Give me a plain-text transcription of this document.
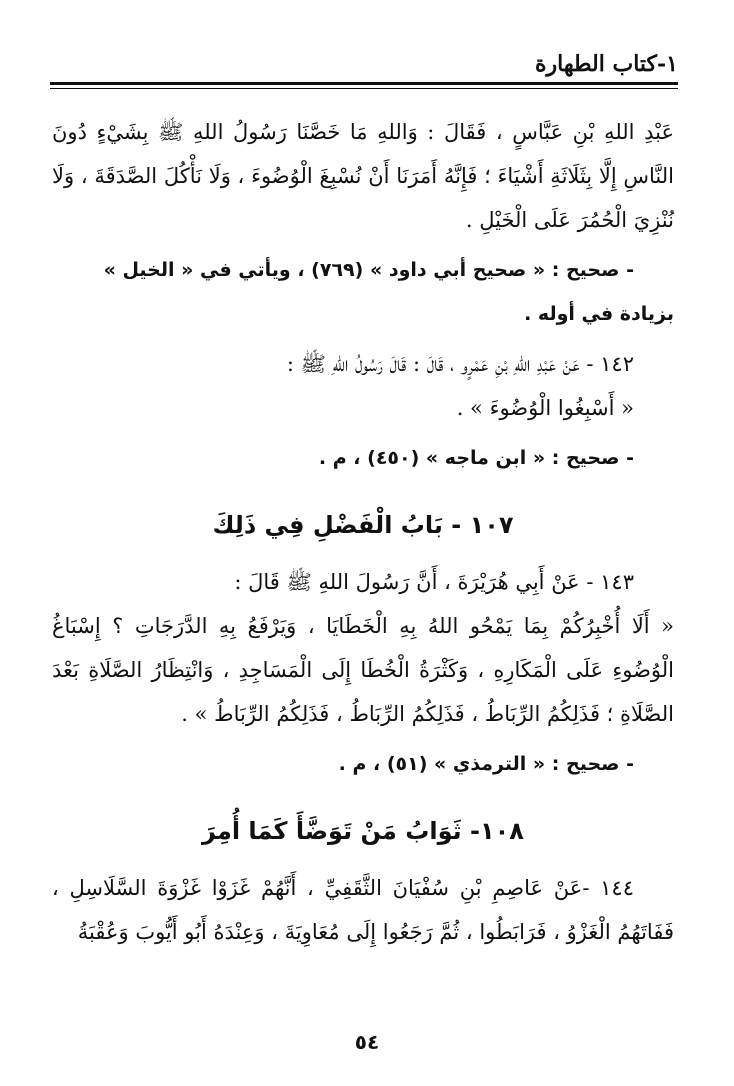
١-كتاب الطهارة

عَبْدِ اللهِ بْنِ عَبَّاسٍ ، فَقَالَ : وَاللهِ مَا خَصَّنَا رَسُولُ اللهِ ﷺ بِشَيْءٍ دُونَ النَّاسِ إِلَّا بِثَلَاثَةِ أَشْيَاءَ ؛ فَإِنَّهُ أَمَرَنَا أَنْ نُسْبِغَ الْوُضُوءَ ، وَلَا نَأْكُلَ الصَّدَقَةَ ، وَلَا نُنْزِيَ الْحُمُرَ عَلَى الْخَيْلِ .

- صحيح : « صحيح أبي داود » (٧٦٩) ، ويأتي في « الخيل » بزيادة في أوله .

١٤٢ - عَنْ عَبْدِ اللهِ بْنِ عَمْرٍو ، قَالَ : قَالَ رَسُولُ اللهِ ﷺ :

« أَسْبِغُوا الْوُضُوءَ » .

- صحيح : « ابن ماجه » (٤٥٠) ، م .

١٠٧ - بَابُ الْفَضْلِ فِي ذَلِكَ

١٤٣ - عَنْ أَبِي هُرَيْرَةَ ، أَنَّ رَسُولَ اللهِ ﷺ قَالَ :

« أَلَا أُخْبِرُكُمْ بِمَا يَمْحُو اللهُ بِهِ الْخَطَايَا ، وَيَرْفَعُ بِهِ الدَّرَجَاتِ ؟ إِسْبَاغُ الْوُضُوءِ عَلَى الْمَكَارِهِ ، وَكَثْرَةُ الْخُطَا إِلَى الْمَسَاجِدِ ، وَانْتِظَارُ الصَّلَاةِ بَعْدَ الصَّلَاةِ ؛ فَذَلِكُمُ الرِّبَاطُ ، فَذَلِكُمُ الرِّبَاطُ ، فَذَلِكُمُ الرِّبَاطُ » .

- صحيح : « الترمذي » (٥١) ، م .

١٠٨- ثَوَابُ مَنْ تَوَضَّأَ كَمَا أُمِرَ

١٤٤ -عَنْ عَاصِمِ بْنِ سُفْيَانَ الثَّقَفِيِّ ، أَنَّهُمْ غَزَوْا غَزْوَةَ السَّلَاسِلِ ، فَفَاتَهُمُ الْغَزْوُ ، فَرَابَطُوا ، ثُمَّ رَجَعُوا إِلَى مُعَاوِيَةَ ، وَعِنْدَهُ أَبُو أَيُّوبَ وَعُقْبَةُ

٥٤
